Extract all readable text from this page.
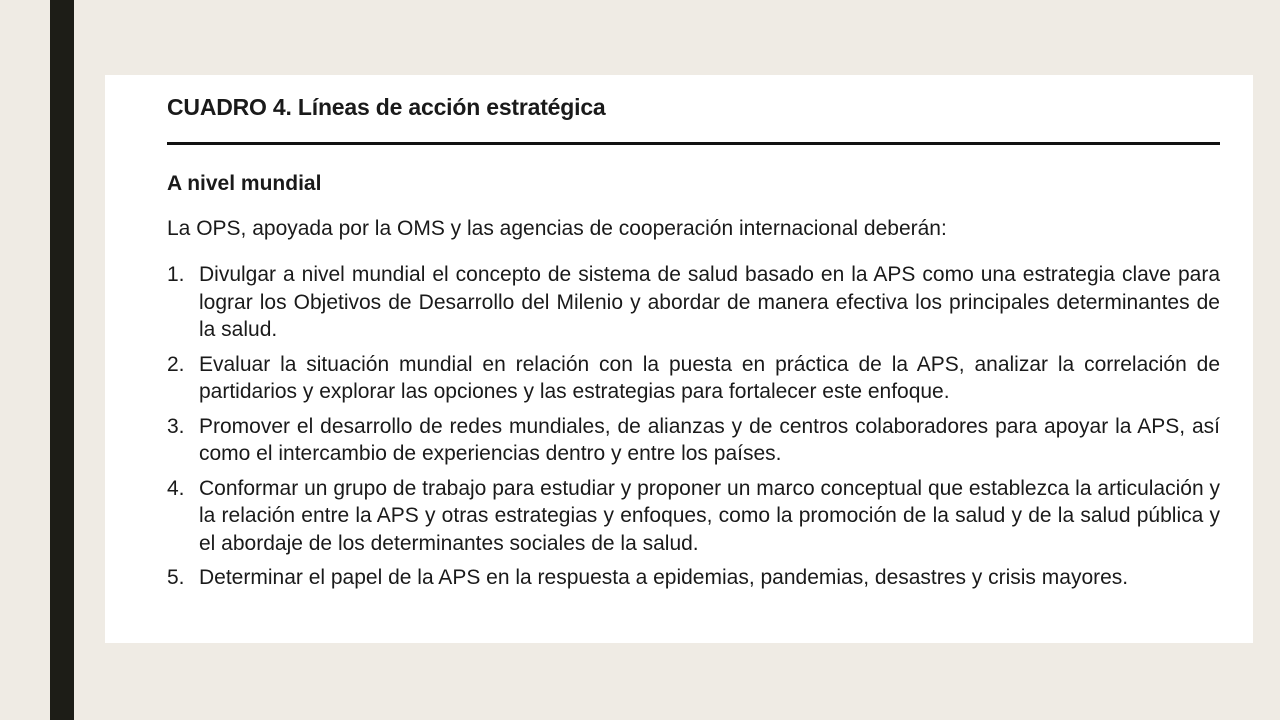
CUADRO 4. Líneas de acción estratégica
A nivel mundial
La OPS, apoyada por la OMS y las agencias de cooperación internacional deberán:
1. Divulgar a nivel mundial el concepto de sistema de salud basado en la APS como una estrategia clave para lograr los Objetivos de Desarrollo del Milenio y abordar de manera efectiva los principales determinantes de la salud.
2. Evaluar la situación mundial en relación con la puesta en práctica de la APS, analizar la correlación de partidarios y explorar las opciones y las estrategias para fortalecer este enfoque.
3. Promover el desarrollo de redes mundiales, de alianzas y de centros colaboradores para apoyar la APS, así como el intercambio de experiencias dentro y entre los países.
4. Conformar un grupo de trabajo para estudiar y proponer un marco conceptual que establezca la articulación y la relación entre la APS y otras estrategias y enfoques, como la promoción de la salud y de la salud pública y el abordaje de los determinantes sociales de la salud.
5. Determinar el papel de la APS en la respuesta a epidemias, pandemias, desastres y crisis mayores.
